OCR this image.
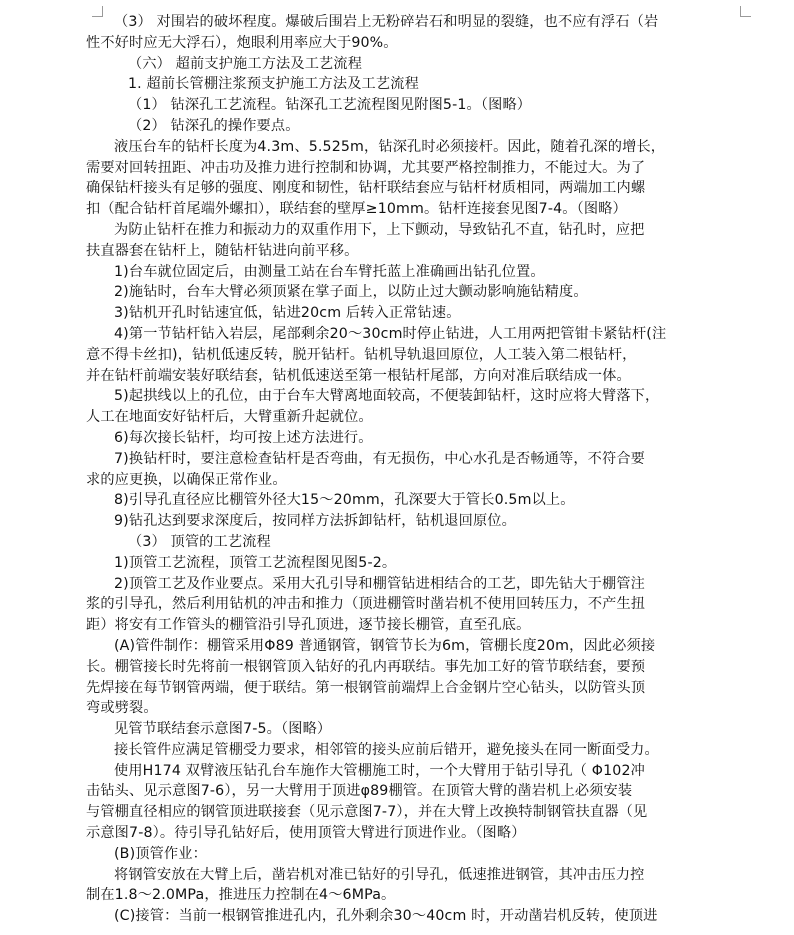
（3） 对围岩的破坏程度。爆破后围岩上无粉碎岩石和明显的裂缝，也不应有浮石（岩

性不好时应无大浮石），炮眼利用率应大于90%。

（六） 超前支护施工方法及工艺流程

1. 超前长管棚注浆预支护施工方法及工艺流程

（1） 钻深孔工艺流程。钻深孔工艺流程图见附图5-1。（图略）

（2） 钻深孔的操作要点。

液压台车的钻杆长度为4.3m、5.525m，钻深孔时必须接杆。因此，随着孔深的增长，

需要对回转扭距、冲击功及推力进行控制和协调，尤其要严格控制推力，不能过大。为了

确保钻杆接头有足够的强度、刚度和韧性，钻杆联结套应与钻杆材质相同，两端加工内螺

扣（配合钻杆首尾端外螺扣），联结套的壁厚≥10mm。钻杆连接套见图7-4。（图略）

为防止钻杆在推力和振动力的双重作用下，上下颤动，导致钻孔不直，钻孔时，应把

扶直器套在钻杆上，随钻杆钻进向前平移。

1)台车就位固定后，由测量工站在台车臂托蓝上准确画出钻孔位置。

2)施钻时，台车大臂必须顶紧在掌子面上，以防止过大颤动影响施钻精度。

3)钻机开孔时钻速宜低，钻进20cm 后转入正常钻速。

4)第一节钻杆钻入岩层，尾部剩余20～30cm时停止钻进，人工用两把管钳卡紧钻杆(注

意不得卡丝扣)，钻机低速反转，脱开钻杆。钻机导轨退回原位，人工装入第二根钻杆，

并在钻杆前端安装好联结套，钻机低速送至第一根钻杆尾部，方向对准后联结成一体。

5)起拱线以上的孔位，由于台车大臂离地面较高，不便装卸钻杆，这时应将大臂落下，

人工在地面安好钻杆后，大臂重新升起就位。

6)每次接长钻杆，均可按上述方法进行。

7)换钻杆时，要注意检查钻杆是否弯曲，有无损伤，中心水孔是否畅通等，不符合要

求的应更换，以确保正常作业。

8)引导孔直径应比棚管外径大15～20mm，孔深要大于管长0.5m以上。

9)钻孔达到要求深度后，按同样方法拆卸钻杆，钻机退回原位。

（3） 顶管的工艺流程

1)顶管工艺流程，顶管工艺流程图见图5-2。

2)顶管工艺及作业要点。采用大孔引导和棚管钻进相结合的工艺，即先钻大于棚管注

浆的引导孔，然后利用钻机的冲击和推力（顶进棚管时凿岩机不使用回转压力，不产生扭

距）将安有工作管头的棚管沿引导孔顶进，逐节接长棚管，直至孔底。

(A)管件制作：棚管采用Φ89 普通钢管，钢管节长为6m，管棚长度20m，因此必须接

长。棚管接长时先将前一根钢管顶入钻好的孔内再联结。事先加工好的管节联结套，要预

先焊接在每节钢管两端，便于联结。第一根钢管前端焊上合金钢片空心钻头，以防管头顶

弯或劈裂。

见管节联结套示意图7-5。（图略）

接长管件应满足管棚受力要求，相邻管的接头应前后错开，避免接头在同一断面受力。

使用H174 双臂液压钻孔台车施作大管棚施工时，一个大臂用于钻引导孔（ Φ102冲

击钻头、见示意图7-6），另一大臂用于顶进φ89棚管。在顶管大臂的凿岩机上必须安装

与管棚直径相应的钢管顶进联接套（见示意图7-7），并在大臂上改换特制钢管扶直器（见

示意图7-8）。待引导孔钻好后，使用顶管大臂进行顶进作业。（图略）

(B)顶管作业：

将钢管安放在大臂上后，凿岩机对准已钻好的引导孔，低速推进钢管，其冲击压力控

制在1.8～2.0MPa，推进压力控制在4～6MPa。

(C)接管：当前一根钢管推进孔内，孔外剩余30～40cm 时，开动凿岩机反转，使顶进
